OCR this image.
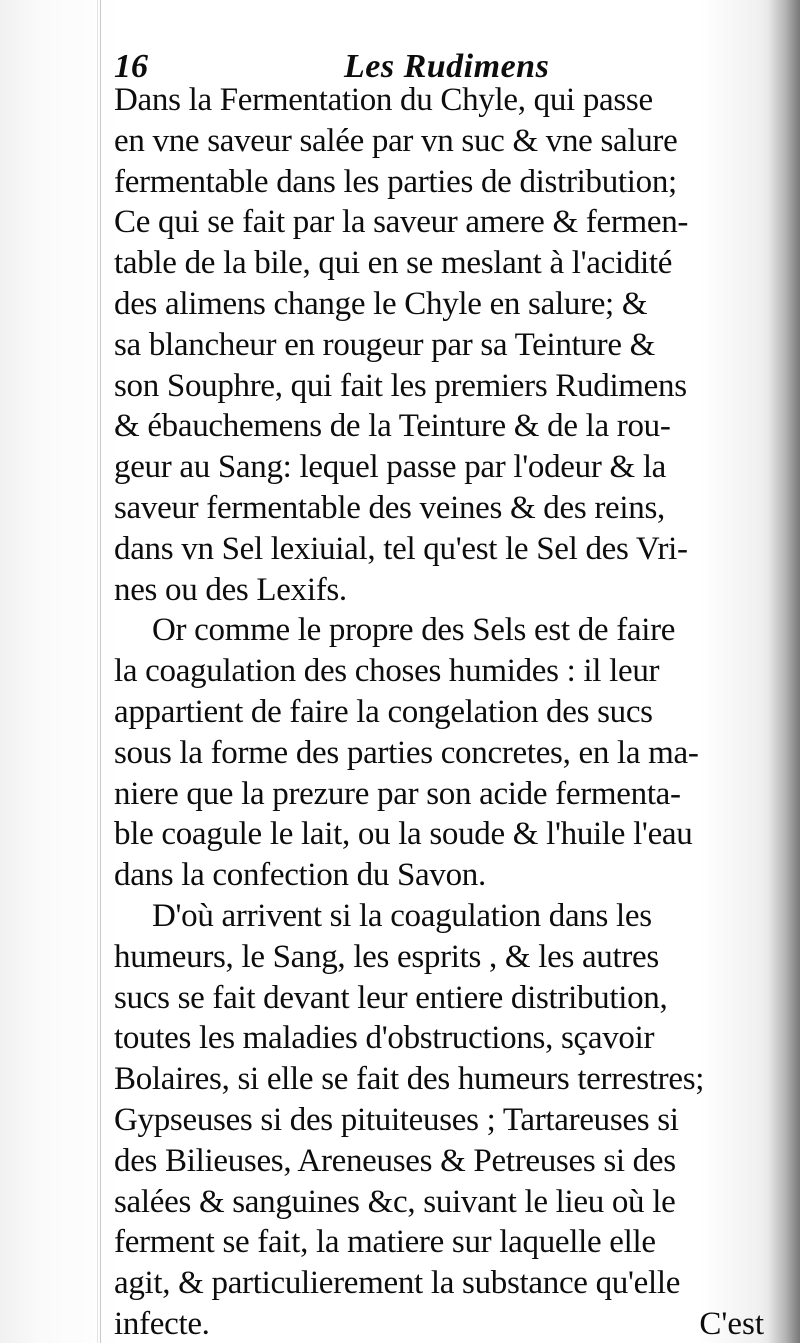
16	Les Rudimens
Dans la Fermentation du Chyle, qui passe
en vne saveur salée par vn suc & vne salure
fermentable dans les parties de distribution;
Ce qui se fait par la saveur amere & fermen-
table de la bile, qui en se meslant à l'acidité
des alimens change le Chyle en salure; &
sa blancheur en rougeur par sa Teinture &
son Souphre, qui fait les premiers Rudimens
& ébauchemens de la Teinture & de la rou-
geur au Sang: lequel passe par l'odeur & la
saveur fermentable des veines & des reins,
dans vn Sel lexiuial, tel qu'est le Sel des Vri-
nes ou des Lexifs.
Or comme le propre des Sels est de faire
la coagulation des choses humides : il leur
appartient de faire la congelation des sucs
sous la forme des parties concretes, en la ma-
niere que la prezure par son acide fermenta-
ble coagule le lait, ou la soude & l'huile l'eau
dans la confection du Savon.
D'où arrivent si la coagulation dans les
humeurs, le Sang, les esprits , & les autres
sucs se fait devant leur entiere distribution,
toutes les maladies d'obstructions, sçavoir
Bolaires, si elle se fait des humeurs terrestres;
Gypseuses si des pituiteuses ; Tartareuses si
des Bilieuses, Areneuses & Petreuses si des
salées & sanguines &c, suivant le lieu où le
ferment se fait, la matiere sur laquelle elle
agit, & particulierement la substance qu'elle
infecte.	C'est
